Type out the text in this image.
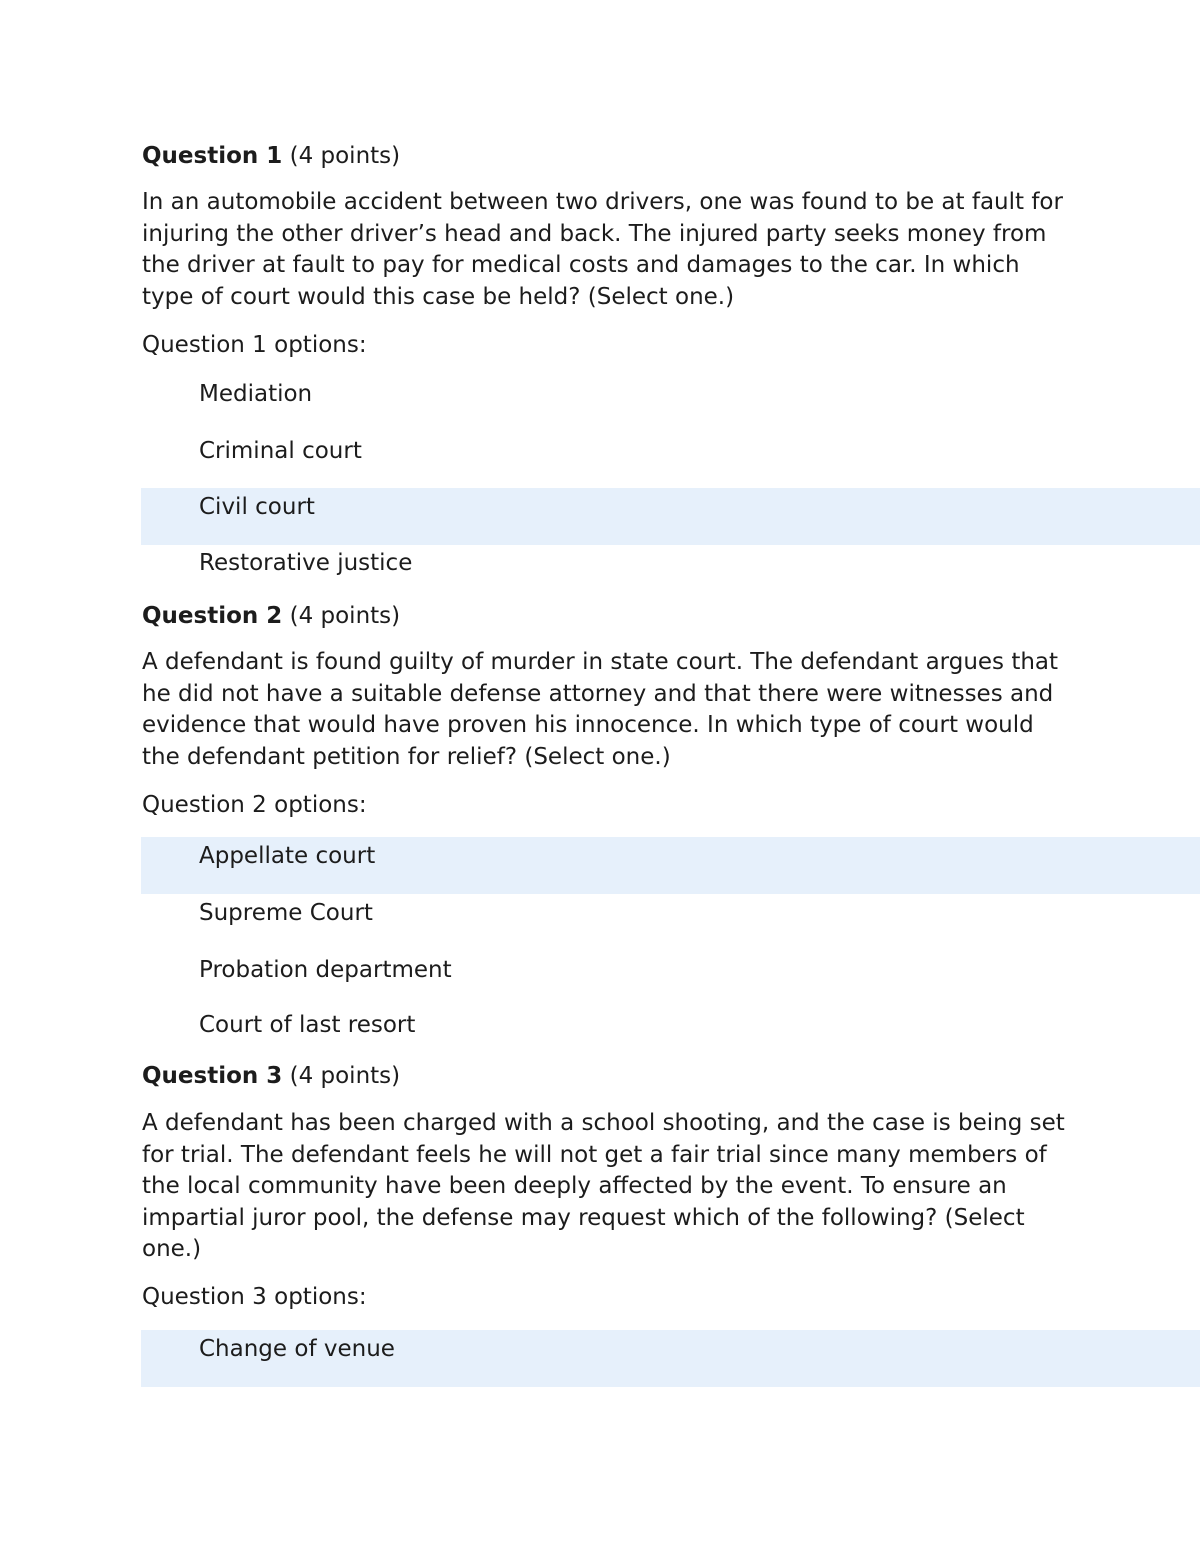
Question 1 (4 points)
In an automobile accident between two drivers, one was found to be at fault for injuring the other driver’s head and back. The injured party seeks money from the driver at fault to pay for medical costs and damages to the car. In which type of court would this case be held? (Select one.)
Question 1 options:
Mediation
Criminal court
Civil court
Restorative justice
Question 2 (4 points)
A defendant is found guilty of murder in state court. The defendant argues that he did not have a suitable defense attorney and that there were witnesses and evidence that would have proven his innocence. In which type of court would the defendant petition for relief? (Select one.)
Question 2 options:
Appellate court
Supreme Court
Probation department
Court of last resort
Question 3 (4 points)
A defendant has been charged with a school shooting, and the case is being set for trial. The defendant feels he will not get a fair trial since many members of the local community have been deeply affected by the event. To ensure an impartial juror pool, the defense may request which of the following? (Select one.)
Question 3 options:
Change of venue
